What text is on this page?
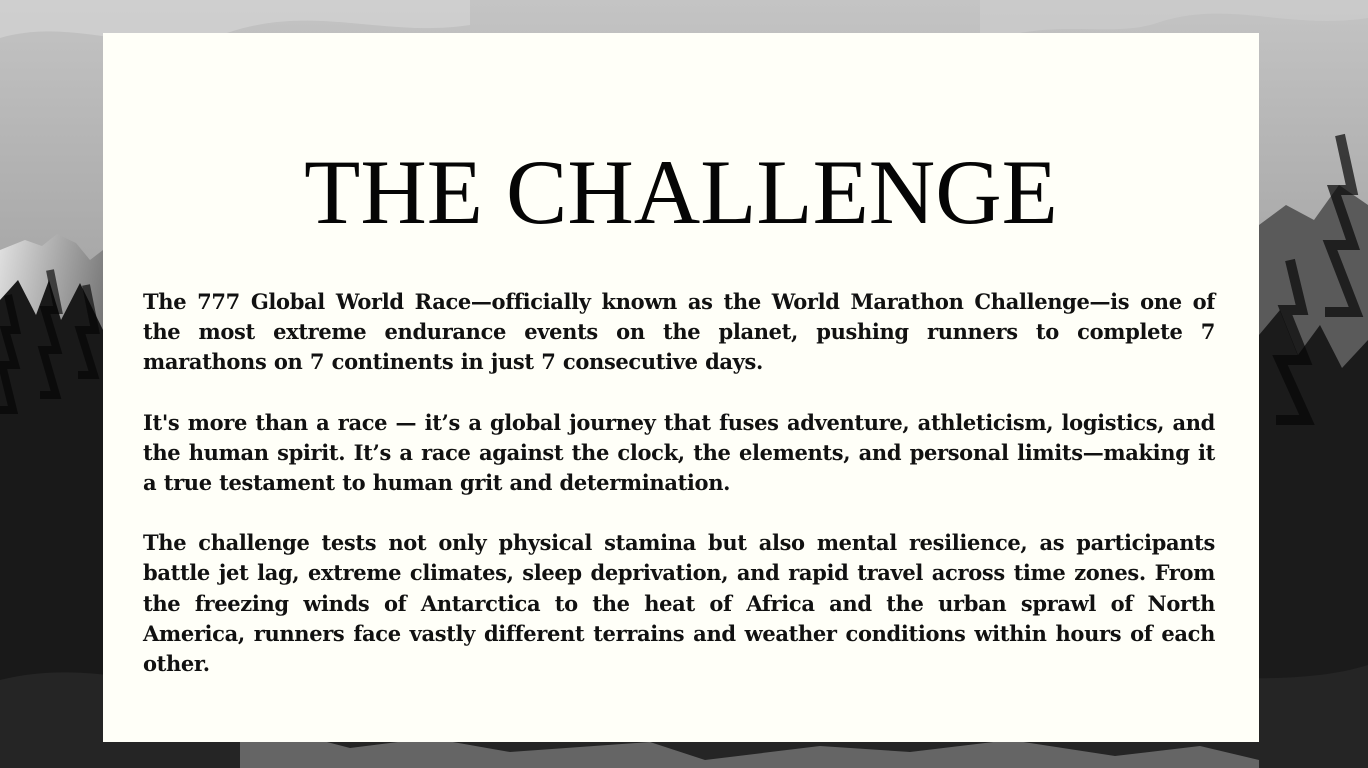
THE CHALLENGE

The 777 Global World Race—officially known as the World Marathon Challenge—is one of the most extreme endurance events on the planet, pushing runners to complete 7 marathons on 7 continents in just 7 consecutive days.

It's more than a race — it’s a global journey that fuses adventure, athleticism, logistics, and the human spirit. It’s a race against the clock, the elements, and personal limits—making it a true testament to human grit and determination.

The challenge tests not only physical stamina but also mental resilience, as participants battle jet lag, extreme climates, sleep deprivation, and rapid travel across time zones. From the freezing winds of Antarctica to the heat of Africa and the urban sprawl of North America, runners face vastly different terrains and weather conditions within hours of each other.
